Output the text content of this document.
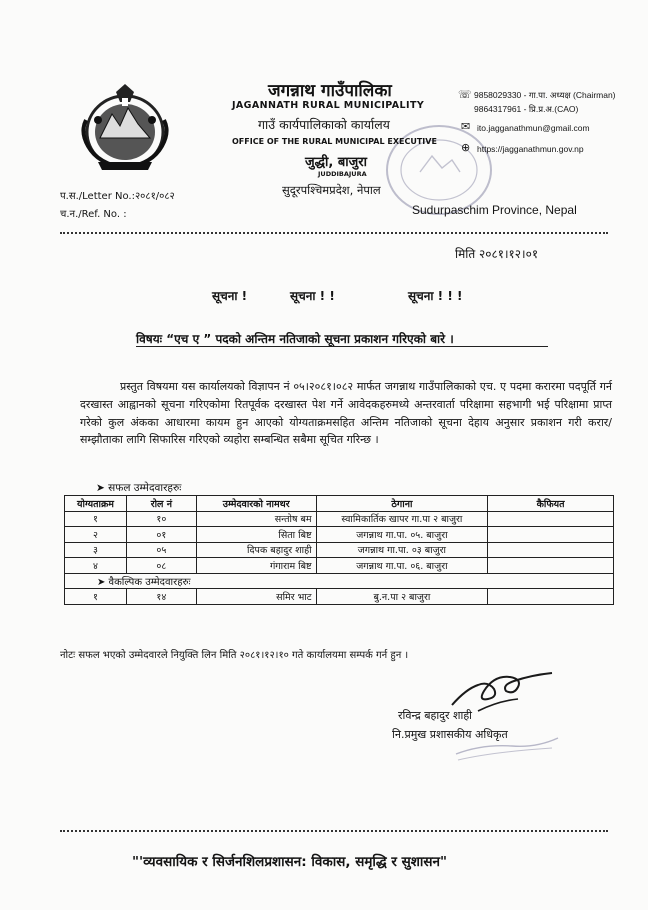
जगन्नाथ गाउँपालिका
JAGANNATH RURAL MUNICIPALITY
गाउँ कार्यपालिकाको कार्यालय
OFFICE OF THE RURAL MUNICIPAL EXECUTIVE
जुद्धी, बाजुरा
JUDDIBAJURA
सुदूरपश्चिमप्रदेश, नेपाल
Sudurpaschim Province, Nepal
☏ 9858029330 - गा.पा. अध्यक्ष (Chairman)
9864317961 - प्रि.प्र.अ.(CAO)
✉ ito.jagganathmun@gmail.com
⊕ https://jagganathmun.gov.np
प.स./Letter No.:२०८१/०८२
च.न./Ref. No. :
मिति २०८१।१२।०१
सूचना !	सूचना ! !	सूचना ! ! !
विषयः “एच ए ” पदको अन्तिम नतिजाको सूचना प्रकाशन गरिएको बारे ।
प्रस्तुत विषयमा यस कार्यालयको विज्ञापन नं ०५।२०८१।०८२ मार्फत जगन्नाथ गाउँपालिकाको एच. ए पदमा करारमा पदपूर्ति गर्न दरखास्त आह्वानको सूचना गरिएकोमा रितपूर्वक दरखास्त पेश गर्ने आवेदकहरुमध्ये अन्तरवार्ता परिक्षामा सहभागी भई परिक्षामा प्राप्त गरेको कुल अंकका आधारमा कायम हुन आएको योग्यताक्रमसहित अन्तिम नतिजाको सूचना देहाय अनुसार प्रकाशन गरी करार/सम्झौताका लागि सिफारिस गरिएको व्यहोरा सम्बन्धित सबैमा सूचित गरिन्छ ।
➤ सफल उम्मेदवारहरुः
योग्यताक्रम	रोल नं	उम्मेदवारको नामथर	ठेगाना	कैफियत
१	१०	सन्तोष बम	स्वामिकार्तिक खापर गा.पा २ बाजुरा	
२	०१	सिता बिष्ट	जगन्नाथ गा.पा. ०५. बाजुरा	
३	०५	दिपक बहादुर शाही	जगन्नाथ गा.पा. ०३ बाजुरा	
४	०८	गंगाराम बिष्ट	जगन्नाथ गा.पा. ०६. बाजुरा	
➤ वैकल्पिक उम्मेदवारहरुः				
१	१४	समिर भाट	बु.न.पा २ बाजुरा	
नोटः सफल भएको उम्मेदवारले नियुक्ति लिन मिति २०८१।१२।१० गते कार्यालयमा सम्पर्क गर्न हुन ।
रविन्द्र बहादुर शाही
नि.प्रमुख प्रशासकीय अधिकृत
"'व्यवसायिक र सिर्जनशिलप्रशासन: विकास, समृद्धि र सुशासन"
